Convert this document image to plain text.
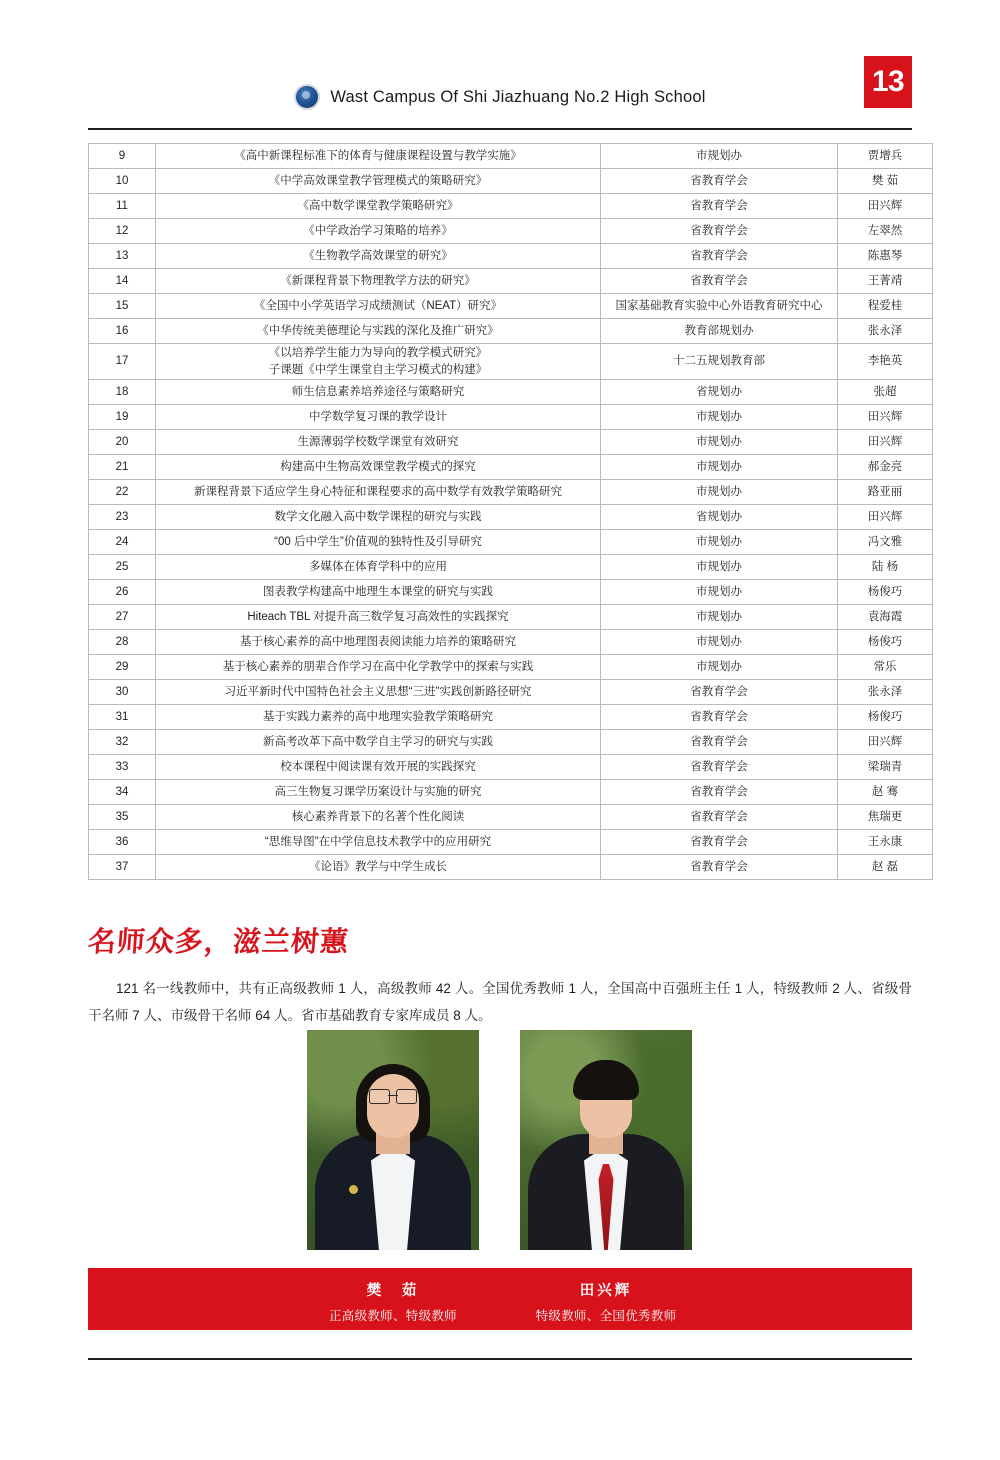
Wast Campus Of Shi Jiazhuang No.2 High School	13
9	《高中新课程标准下的体育与健康课程设置与教学实施》	市规划办	贾增兵
10	《中学高效课堂教学管理模式的策略研究》	省教育学会	樊 茹
11	《高中数学课堂教学策略研究》	省教育学会	田兴辉
12	《中学政治学习策略的培养》	省教育学会	左翠然
13	《生物教学高效课堂的研究》	省教育学会	陈惠琴
14	《新课程背景下物理教学方法的研究》	省教育学会	王菁靖
15	《全国中小学英语学习成绩测试（NEAT）研究》	国家基础教育实验中心外语教育研究中心	程爱桂
16	《中华传统美德理论与实践的深化及推广研究》	教育部规划办	张永泽
17	《以培养学生能力为导向的教学模式研究》
子课题《中学生课堂自主学习模式的构建》	十二五规划教育部	李艳英
18	师生信息素养培养途径与策略研究	省规划办	张超
19	中学数学复习课的教学设计	市规划办	田兴辉
20	生源薄弱学校数学课堂有效研究	市规划办	田兴辉
21	构建高中生物高效课堂教学模式的探究	市规划办	郝金亮
22	新课程背景下适应学生身心特征和课程要求的高中数学有效教学策略研究	市规划办	路亚丽
23	数学文化融入高中数学课程的研究与实践	省规划办	田兴辉
24	“00 后中学生”价值观的独特性及引导研究	市规划办	冯文雅
25	多媒体在体育学科中的应用	市规划办	陆 杨
26	图表教学构建高中地理生本课堂的研究与实践	市规划办	杨俊巧
27	Hiteach TBL 对提升高三数学复习高效性的实践探究	市规划办	袁海霞
28	基于核心素养的高中地理图表阅读能力培养的策略研究	市规划办	杨俊巧
29	基于核心素养的朋辈合作学习在高中化学教学中的探索与实践	市规划办	常乐
30	习近平新时代中国特色社会主义思想“三进”实践创新路径研究	省教育学会	张永泽
31	基于实践力素养的高中地理实验教学策略研究	省教育学会	杨俊巧
32	新高考改革下高中数学自主学习的研究与实践	省教育学会	田兴辉
33	校本课程中阅读课有效开展的实践探究	省教育学会	梁瑞青
34	高三生物复习课学历案设计与实施的研究	省教育学会	赵 骞
35	核心素养背景下的名著个性化阅读	省教育学会	焦瑞更
36	“思维导图”在中学信息技术教学中的应用研究	省教育学会	王永康
37	《论语》教学与中学生成长	省教育学会	赵 磊
名师众多，滋兰树蕙
121 名一线教师中，共有正高级教师 1 人，高级教师 42 人。全国优秀教师 1 人，全国高中百强班主任 1 人，特级教师 2 人、省级骨干名师 7 人、市级骨干名师 64 人。省市基础教育专家库成员 8 人。
樊　茹
正高级教师、特级教师
田兴辉
特级教师、全国优秀教师
